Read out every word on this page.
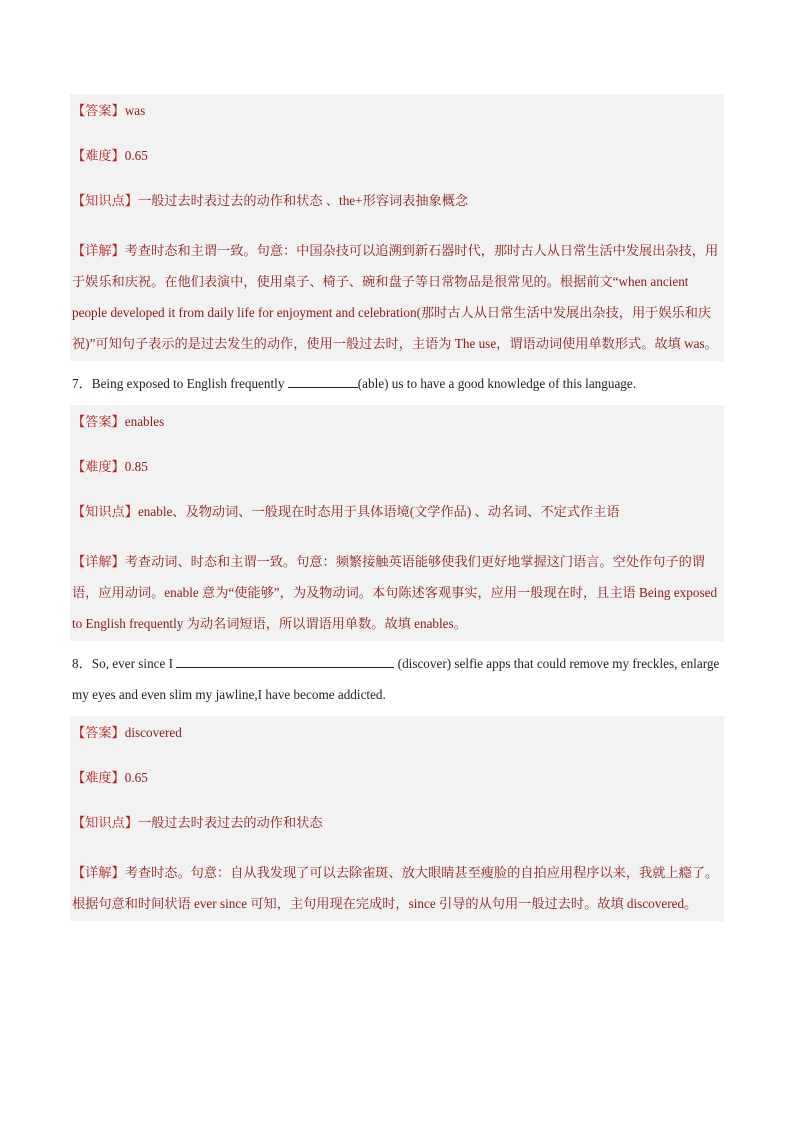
【答案】 was
【难度】 0.65
【知识点】 一般过去时表过去的动作和状态 、the+形容词表抽象概念
【详解】考查时态和主谓一致。句意：中国杂技可以追溯到新石器时代，那时古人从日常生活中发展出杂技，用于娱乐和庆祝。在他们表演中，使用桌子、椅子、碗和盘子等日常物品是很常见的。根据前文“when ancient people developed it from daily life for enjoyment and celebration(那时古人从日常生活中发展出杂技，用于娱乐和庆祝)”可知句子表示的是过去发生的动作，使用一般过去时，主语为 The use，谓语动词使用单数形式。故填 was。
7．Being exposed to English frequently	(able) us to have a good knowledge of this language.
【答案】 enables
【难度】 0.85
【知识点】 enable、及物动词、一般现在时态用于具体语境(文学作品) 、动名词、不定式作主语
【详解】考查动词、时态和主谓一致。句意：频繁接触英语能够使我们更好地掌握这门语言。空处作句子的谓语，应用动词。enable 意为“使能够”，为及物动词。本句陈述客观事实，应用一般现在时，且主语 Being exposed to English frequently 为动名词短语，所以谓语用单数。故填 enables。
8．So, ever since I	(discover) selfie apps that could remove my freckles, enlarge my eyes and even slim my jawline,I have become addicted.
【答案】 discovered
【难度】 0.65
【知识点】 一般过去时表过去的动作和状态
【详解】考查时态。句意：自从我发现了可以去除雀斑、放大眼睛甚至瘦脸的自拍应用程序以来，我就上瘾了。根据句意和时间状语 ever since 可知，主句用现在完成时，since 引导的从句用一般过去时。故填 discovered。
